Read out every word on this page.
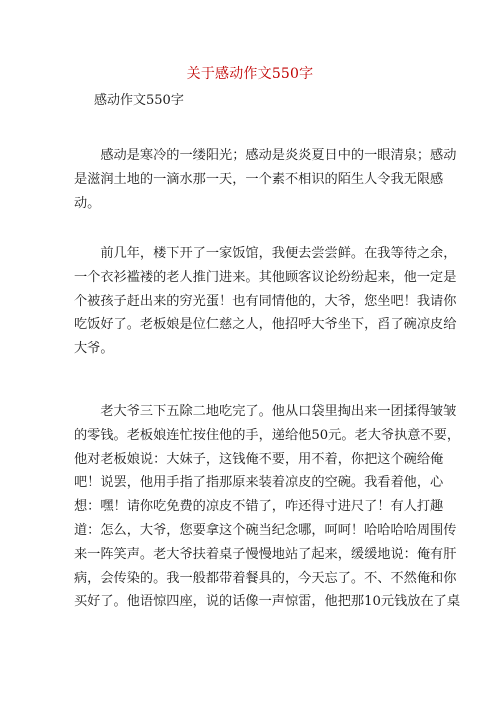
关于感动作文550字
感动作文550字
　　感动是寒冷的一缕阳光；感动是炎炎夏日中的一眼清泉；感动
是滋润土地的一滴水那一天，一个素不相识的陌生人令我无限感
动。
　　前几年，楼下开了一家饭馆，我便去尝尝鲜。在我等待之余，
一个衣衫褴褛的老人推门进来。其他顾客议论纷纷起来，他一定是
个被孩子赶出来的穷光蛋！也有同情他的，大爷，您坐吧！我请你
吃饭好了。老板娘是位仁慈之人，他招呼大爷坐下，舀了碗凉皮给
大爷。
　　老大爷三下五除二地吃完了。他从口袋里掏出来一团揉得皱皱
的零钱。老板娘连忙按住他的手，递给他50元。老大爷执意不要，
他对老板娘说：大妹子，这钱俺不要，用不着，你把这个碗给俺
吧！说罢，他用手指了指那原来装着凉皮的空碗。我看着他，心
想：嘿！请你吃免费的凉皮不错了，咋还得寸进尺了！有人打趣
道：怎么，大爷，您要拿这个碗当纪念哪，呵呵！哈哈哈哈周围传
来一阵笑声。老大爷扶着桌子慢慢地站了起来，缓缓地说：俺有肝
病，会传染的。我一般都带着餐具的，今天忘了。不、不然俺和你
买好了。他语惊四座，说的话像一声惊雷，他把那10元钱放在了桌
